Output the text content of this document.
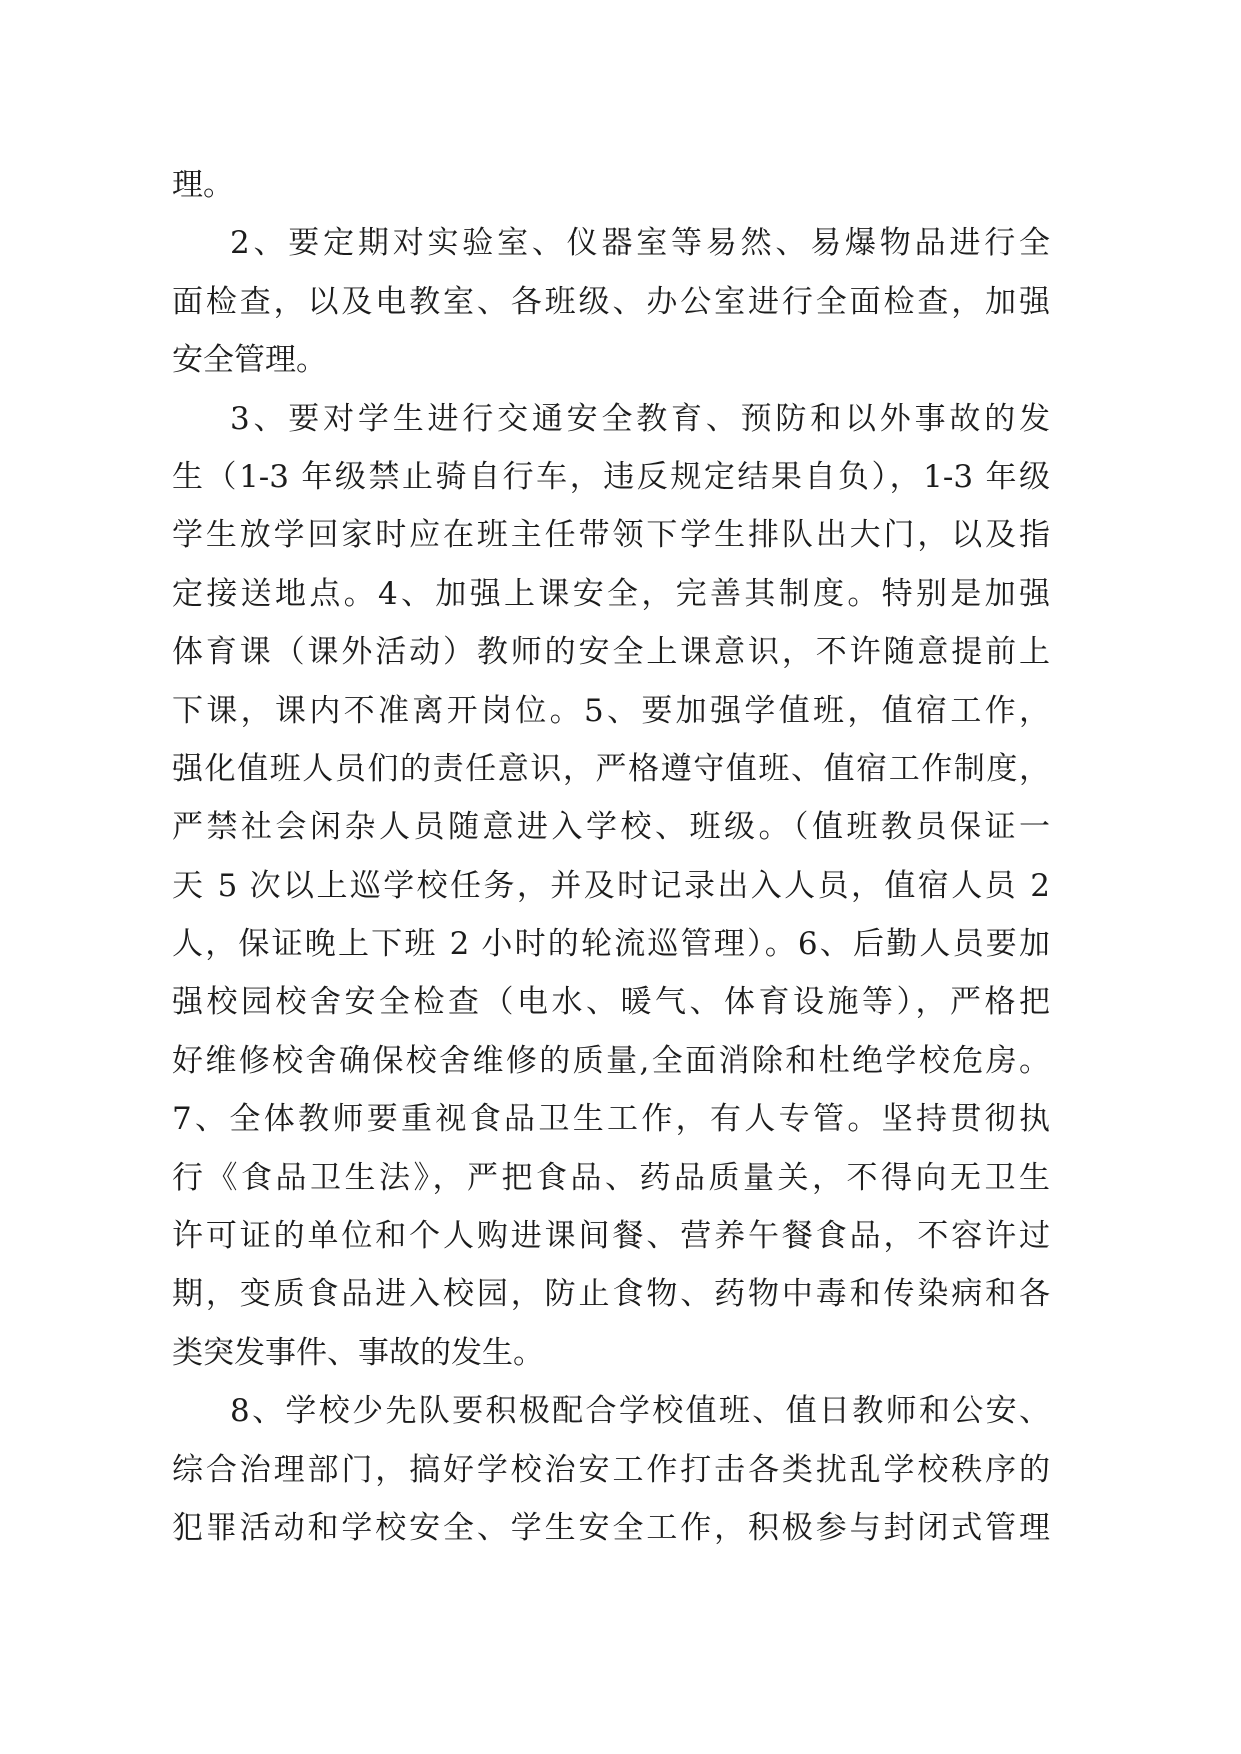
理。
2、要定期对实验室、仪器室等易然、易爆物品进行全
面检查，以及电教室、各班级、办公室进行全面检查，加强
安全管理。
3、要对学生进行交通安全教育、预防和以外事故的发
生（1-3 年级禁止骑自行车，违反规定结果自负），1-3 年级
学生放学回家时应在班主任带领下学生排队出大门，以及指
定接送地点。4、加强上课安全，完善其制度。特别是加强
体育课（课外活动）教师的安全上课意识，不许随意提前上
下课，课内不准离开岗位。5、要加强学值班，值宿工作，
强化值班人员们的责任意识，严格遵守值班、值宿工作制度，
严禁社会闲杂人员随意进入学校、班级。（值班教员保证一
天 5 次以上巡学校任务，并及时记录出入人员，值宿人员 2
人，保证晚上下班 2 小时的轮流巡管理）。6、后勤人员要加
强校园校舍安全检查（电水、暖气、体育设施等），严格把
好维修校舍确保校舍维修的质量,全面消除和杜绝学校危房。
7、全体教师要重视食品卫生工作，有人专管。坚持贯彻执
行《食品卫生法》，严把食品、药品质量关，不得向无卫生
许可证的单位和个人购进课间餐、营养午餐食品，不容许过
期，变质食品进入校园，防止食物、药物中毒和传染病和各
类突发事件、事故的发生。
8、学校少先队要积极配合学校值班、值日教师和公安、
综合治理部门，搞好学校治安工作打击各类扰乱学校秩序的
犯罪活动和学校安全、学生安全工作，积极参与封闭式管理
